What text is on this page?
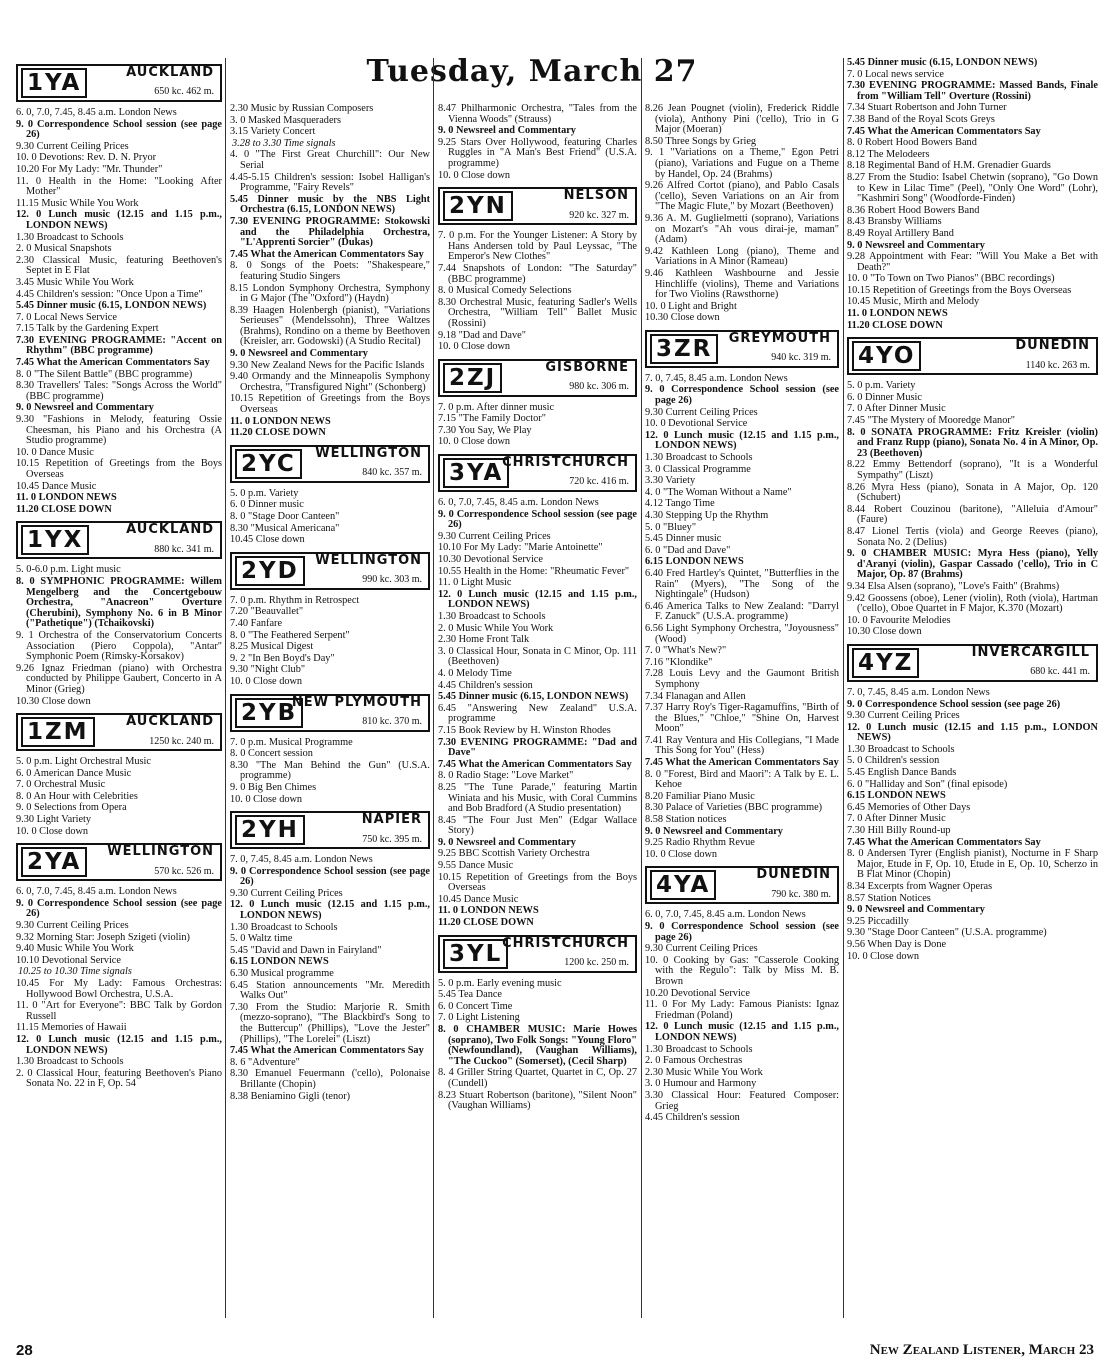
Tuesday, March 27
1YA	AUCKLAND
650 kc. 462 m.
6. 0, 7.0, 7.45, 8.45 a.m. London News
9. 0 Correspondence School session (see page 26)
9.30 Current Ceiling Prices
10. 0 Devotions: Rev. D. N. Pryor
10.20 For My Lady: "Mr. Thunder"
11. 0 Health in the Home: "Looking After Mother"
11.15 Music While You Work
12. 0 Lunch music (12.15 and 1.15 p.m., LONDON NEWS)
1.30 Broadcast to Schools
2. 0 Musical Snapshots
2.30 Classical Music, featuring Beethoven's Septet in E Flat
3.45 Music While You Work
4.45 Children's session: "Once Upon a Time"
5.45 Dinner music (6.15, LONDON NEWS)
7. 0 Local News Service
7.15 Talk by the Gardening Expert
7.30 EVENING PROGRAMME: "Accent on Rhythm" (BBC programme)
7.45 What the American Commentators Say
8. 0 "The Silent Battle" (BBC programme)
8.30 Travellers' Tales: "Songs Across the World" (BBC programme)
9. 0 Newsreel and Commentary
9.30 "Fashions in Melody, featuring Ossie Cheesman, his Piano and his Orchestra (A Studio programme)
10. 0 Dance Music
10.15 Repetition of Greetings from the Boys Overseas
10.45 Dance Music
11. 0 LONDON NEWS
11.20 CLOSE DOWN
1YX	AUCKLAND
880 kc. 341 m.
5. 0-6.0 p.m. Light music
8. 0 SYMPHONIC PROGRAMME: Willem Mengelberg and the Concertgebouw Orchestra, "Anacreon" Overture (Cherubini), Symphony No. 6 in B Minor ("Pathetique") (Tchaikovski)
9. 1 Orchestra of the Conservatorium Concerts Association (Piero Coppola), "Antar" Symphonic Poem (Rimsky-Korsakov)
9.26 Ignaz Friedman (piano) with Orchestra conducted by Philippe Gaubert, Concerto in A Minor (Grieg)
10.30 Close down
1ZM	AUCKLAND
1250 kc. 240 m.
5. 0 p.m. Light Orchestral Music
6. 0 American Dance Music
7. 0 Orchestral Music
8. 0 An Hour with Celebrities
9. 0 Selections from Opera
9.30 Light Variety
10. 0 Close down
2YA	WELLINGTON
570 kc. 526 m.
6. 0, 7.0, 7.45, 8.45 a.m. London News
9. 0 Correspondence School session (see page 26)
9.30 Current Ceiling Prices
9.32 Morning Star: Joseph Szigeti (violin)
9.40 Music While You Work
10.10 Devotional Service
10.25 to 10.30 Time signals
10.45 For My Lady: Famous Orchestras: Hollywood Bowl Orchestra, U.S.A.
11. 0 "Art for Everyone": BBC Talk by Gordon Russell
11.15 Memories of Hawaii
12. 0 Lunch music (12.15 and 1.15 p.m., LONDON NEWS)
1.30 Broadcast to Schools
2. 0 Classical Hour, featuring Beethoven's Piano Sonata No. 22 in F, Op. 54
2.30 Music by Russian Composers
3. 0 Masked Masqueraders
3.15 Variety Concert
3.28 to 3.30 Time signals
4. 0 "The First Great Churchill": Our New Serial
4.45-5.15 Children's session: Isobel Halligan's Programme, "Fairy Revels"
5.45 Dinner music by the NBS Light Orchestra (6.15, LONDON NEWS)
7.30 EVENING PROGRAMME: Stokowski and the Philadelphia Orchestra, "L'Apprenti Sorcier" (Dukas)
7.45 What the American Commentators Say
8. 0 Songs of the Poets: "Shakespeare," featuring Studio Singers
8.15 London Symphony Orchestra, Symphony in G Major (The "Oxford") (Haydn)
8.39 Haagen Holenbergh (pianist), "Variations Serieuses" (Mendelssohn), Three Waltzes (Brahms), Rondino on a theme by Beethoven (Kreisler, arr. Godowski) (A Studio Recital)
9. 0 Newsreel and Commentary
9.30 New Zealand News for the Pacific Islands
9.40 Ormandy and the Minneapolis Symphony Orchestra, "Transfigured Night" (Schonberg)
10.15 Repetition of Greetings from the Boys Overseas
11. 0 LONDON NEWS
11.20 CLOSE DOWN
2YC	WELLINGTON
840 kc. 357 m.
5. 0 p.m. Variety
6. 0 Dinner music
8. 0 "Stage Door Canteen"
8.30 "Musical Americana"
10.45 Close down
2YD	WELLINGTON
990 kc. 303 m.
7. 0 p.m. Rhythm in Retrospect
7.20 "Beauvallet"
7.40 Fanfare
8. 0 "The Feathered Serpent"
8.25 Musical Digest
9. 2 "In Ben Boyd's Day"
9.30 "Night Club"
10. 0 Close down
2YB
NEW PLYMOUTH
810 kc. 370 m.
7. 0 p.m. Musical Programme
8. 0 Concert session
8.30 "The Man Behind the Gun" (U.S.A. programme)
9. 0 Big Ben Chimes
10. 0 Close down
2YH	NAPIER
750 kc. 395 m.
7. 0, 7.45, 8.45 a.m. London News
9. 0 Correspondence School session (see page 26)
9.30 Current Ceiling Prices
12. 0 Lunch music (12.15 and 1.15 p.m., LONDON NEWS)
1.30 Broadcast to Schools
5. 0 Waltz time
5.45 "David and Dawn in Fairyland"
6.15 LONDON NEWS
6.30 Musical programme
6.45 Station announcements "Mr. Meredith Walks Out"
7.30 From the Studio: Marjorie R. Smith (mezzo-soprano), "The Blackbird's Song to the Buttercup" (Phillips), "Love the Jester" (Phillips), "The Lorelei" (Liszt)
7.45 What the American Commentators Say
8. 6 "Adventure"
8.30 Emanuel Feuermann ('cello), Polonaise Brillante (Chopin)
8.38 Beniamino Gigli (tenor)
8.47 Philharmonic Orchestra, "Tales from the Vienna Woods" (Strauss)
9. 0 Newsreel and Commentary
9.25 Stars Over Hollywood, featuring Charles Ruggles in "A Man's Best Friend" (U.S.A. programme)
10. 0 Close down
2YN	NELSON
920 kc. 327 m.
7. 0 p.m. For the Younger Listener: A Story by Hans Andersen told by Paul Leyssac, "The Emperor's New Clothes"
7.44 Snapshots of London: "The Saturday" (BBC programme)
8. 0 Musical Comedy Selections
8.30 Orchestral Music, featuring Sadler's Wells Orchestra, "William Tell" Ballet Music (Rossini)
9.18 "Dad and Dave"
10. 0 Close down
2ZJ	GISBORNE
980 kc. 306 m.
7. 0 p.m. After dinner music
7.15 "The Family Doctor"
7.30 You Say, We Play
10. 0 Close down
3YA
CHRISTCHURCH
720 kc. 416 m.
6. 0, 7.0, 7.45, 8.45 a.m. London News
9. 0 Correspondence School session (see page 26)
9.30 Current Ceiling Prices
10.10 For My Lady: "Marie Antoinette"
10.30 Devotional Service
10.55 Health in the Home: "Rheumatic Fever"
11. 0 Light Music
12. 0 Lunch music (12.15 and 1.15 p.m., LONDON NEWS)
1.30 Broadcast to Schools
2. 0 Music While You Work
2.30 Home Front Talk
3. 0 Classical Hour, Sonata in C Minor, Op. 111 (Beethoven)
4. 0 Melody Time
4.45 Children's session
5.45 Dinner music (6.15, LONDON NEWS)
6.45 "Answering New Zealand" U.S.A. programme
7.15 Book Review by H. Winston Rhodes
7.30 EVENING PROGRAMME: "Dad and Dave"
7.45 What the American Commentators Say
8. 0 Radio Stage: "Love Market"
8.25 "The Tune Parade," featuring Martin Winiata and his Music, with Coral Cummins and Bob Bradford (A Studio presentation)
8.45 "The Four Just Men" (Edgar Wallace Story)
9. 0 Newsreel and Commentary
9.25 BBC Scottish Variety Orchestra
9.55 Dance Music
10.15 Repetition of Greetings from the Boys Overseas
10.45 Dance Music
11. 0 LONDON NEWS
11.20 CLOSE DOWN
3YL CHRISTCHURCH
1200 kc. 250 m.
5. 0 p.m. Early evening music
5.45 Tea Dance
6. 0 Concert Time
7. 0 Light Listening
8. 0 CHAMBER MUSIC: Marie Howes (soprano), Two Folk Songs: "Young Floro" (Newfoundland), (Vaughan Williams), "The Cuckoo" (Somerset), (Cecil Sharp)
8. 4 Griller String Quartet, Quartet in C, Op. 27 (Cundell)
8.23 Stuart Robertson (baritone), "Silent Noon" (Vaughan Williams)
8.26 Jean Pougnet (violin), Frederick Riddle (viola), Anthony Pini ('cello), Trio in G Major (Moeran)
8.50 Three Songs by Grieg
9. 1 "Variations on a Theme," Egon Petri (piano), Variations and Fugue on a Theme by Handel, Op. 24 (Brahms)
9.26 Alfred Cortot (piano), and Pablo Casals ('cello), Seven Variations on an Air from "The Magic Flute," by Mozart (Beethoven)
9.36 A. M. Guglielmetti (soprano), Variations on Mozart's "Ah vous dirai-je, maman" (Adam)
9.42 Kathleen Long (piano), Theme and Variations in A Minor (Rameau)
9.46 Kathleen Washbourne and Jessie Hinchliffe (violins), Theme and Variations for Two Violins (Rawsthorne)
10. 0 Light and Bright
10.30 Close down
3ZR	GREYMOUTH
940 kc. 319 m.
7. 0, 7.45, 8.45 a.m. London News
9. 0 Correspondence School session (see page 26)
9.30 Current Ceiling Prices
10. 0 Devotional Service
12. 0 Lunch music (12.15 and 1.15 p.m., LONDON NEWS)
1.30 Broadcast to Schools
3. 0 Classical Programme
3.30 Variety
4. 0 "The Woman Without a Name"
4.12 Tango Time
4.30 Stepping Up the Rhythm
5. 0 "Bluey"
5.45 Dinner music
6. 0 "Dad and Dave"
6.15 LONDON NEWS
6.40 Fred Hartley's Quintet, "Butterflies in the Rain" (Myers), "The Song of the Nightingale" (Hudson)
6.46 America Talks to New Zealand: "Darryl F. Zanuck" (U.S.A. programme)
6.56 Light Symphony Orchestra, "Joyousness" (Wood)
7. 0 "What's New?"
7.16 "Klondike"
7.28 Louis Levy and the Gaumont British Symphony
7.34 Flanagan and Allen
7.37 Harry Roy's Tiger-Ragamuffins, "Birth of the Blues," "Chloe," "Shine On, Harvest Moon"
7.41 Ray Ventura and His Collegians, "I Made This Song for You" (Hess)
7.45 What the American Commentators Say
8. 0 "Forest, Bird and Maori": A Talk by E. L. Kehoe
8.20 Familiar Piano Music
8.30 Palace of Varieties (BBC programme)
8.58 Station notices
9. 0 Newsreel and Commentary
9.25 Radio Rhythm Revue
10. 0 Close down
4YA	DUNEDIN
790 kc. 380 m.
6. 0, 7.0, 7.45, 8.45 a.m. London News
9. 0 Correspondence School session (see page 26)
9.30 Current Ceiling Prices
10. 0 Cooking by Gas: "Casserole Cooking with the Regulo": Talk by Miss M. B. Brown
10.20 Devotional Service
11. 0 For My Lady: Famous Pianists: Ignaz Friedman (Poland)
12. 0 Lunch music (12.15 and 1.15 p.m., LONDON NEWS)
1.30 Broadcast to Schools
2. 0 Famous Orchestras
2.30 Music While You Work
3. 0 Humour and Harmony
3.30 Classical Hour: Featured Composer: Grieg
4.45 Children's session
5.45 Dinner music (6.15, LONDON NEWS)
7. 0 Local news service
7.30 EVENING PROGRAMME: Massed Bands, Finale from "William Tell" Overture (Rossini)
7.34 Stuart Robertson and John Turner
7.38 Band of the Royal Scots Greys
7.45 What the American Commentators Say
8. 0 Robert Hood Bowers Band
8.12 The Melodeers
8.18 Regimental Band of H.M. Grenadier Guards
8.27 From the Studio: Isabel Chetwin (soprano), "Go Down to Kew in Lilac Time" (Peel), "Only One Word" (Lohr), "Kashmiri Song" (Woodforde-Finden)
8.36 Robert Hood Bowers Band
8.43 Bransby Williams
8.49 Royal Artillery Band
9. 0 Newsreel and Commentary
9.28 Appointment with Fear: "Will You Make a Bet with Death?"
10. 0 "To Town on Two Pianos" (BBC recordings)
10.15 Repetition of Greetings from the Boys Overseas
10.45 Music, Mirth and Melody
11. 0 LONDON NEWS
11.20 CLOSE DOWN
4YO	DUNEDIN
1140 kc. 263 m.
5. 0 p.m. Variety
6. 0 Dinner Music
7. 0 After Dinner Music
7.45 "The Mystery of Mooredge Manor"
8. 0 SONATA PROGRAMME: Fritz Kreisler (violin) and Franz Rupp (piano), Sonata No. 4 in A Minor, Op. 23 (Beethoven)
8.22 Emmy Bettendorf (soprano), "It is a Wonderful Sympathy" (Liszt)
8.26 Myra Hess (piano), Sonata in A Major, Op. 120 (Schubert)
8.44 Robert Couzinou (baritone), "Alleluia d'Amour" (Faure)
8.47 Lionel Tertis (viola) and George Reeves (piano), Sonata No. 2 (Delius)
9. 0 CHAMBER MUSIC: Myra Hess (piano), Yelly d'Aranyi (violin), Gaspar Cassado ('cello), Trio in C Major, Op. 87 (Brahms)
9.34 Elsa Alsen (soprano), "Love's Faith" (Brahms)
9.42 Goossens (oboe), Lener (violin), Roth (viola), Hartman ('cello), Oboe Quartet in F Major, K.370 (Mozart)
10. 0 Favourite Melodies
10.30 Close down
4YZ	INVERCARGILL
680 kc. 441 m.
7. 0, 7.45, 8.45 a.m. London News
9. 0 Correspondence School session (see page 26)
9.30 Current Ceiling Prices
12. 0 Lunch music (12.15 and 1.15 p.m., LONDON NEWS)
1.30 Broadcast to Schools
5. 0 Children's session
5.45 English Dance Bands
6. 0 "Halliday and Son" (final episode)
6.15 LONDON NEWS
6.45 Memories of Other Days
7. 0 After Dinner Music
7.30 Hill Billy Round-up
7.45 What the American Commentators Say
8. 0 Andersen Tyrer (English pianist), Nocturne in F Sharp Major, Etude in F, Op. 10, Etude in E, Op. 10, Scherzo in B Flat Minor (Chopin)
8.34 Excerpts from Wagner Operas
8.57 Station Notices
9. 0 Newsreel and Commentary
9.25 Piccadilly
9.30 "Stage Door Canteen" (U.S.A. programme)
9.56 When Day is Done
10. 0 Close down
28	New Zealand Listener, March 23
